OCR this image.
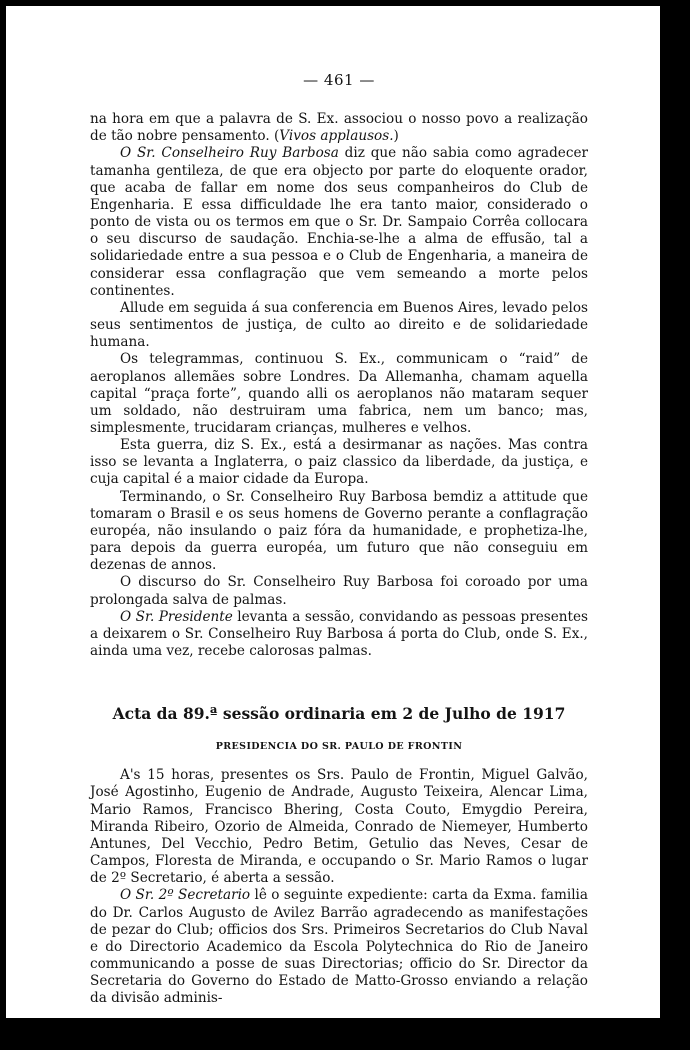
— 461 —

na hora em que a palavra de S. Ex. associou o nosso povo a realização de tão nobre pensamento. (Vivos applausos.)

O Sr. Conselheiro Ruy Barbosa diz que não sabia como agradecer tamanha gentileza, de que era objecto por parte do eloquente orador, que acaba de fallar em nome dos seus companheiros do Club de Engenharia. E essa difficuldade lhe era tanto maior, considerado o ponto de vista ou os termos em que o Sr. Dr. Sampaio Corrêa collocara o seu discurso de saudação. Enchia-se-lhe a alma de effusão, tal a solidariedade entre a sua pessoa e o Club de Engenharia, a maneira de considerar essa conflagração que vem semeando a morte pelos continentes.

Allude em seguida á sua conferencia em Buenos Aires, levado pelos seus sentimentos de justiça, de culto ao direito e de solidariedade humana.

Os telegrammas, continuou S. Ex., communicam o “raid” de aeroplanos allemães sobre Londres. Da Allemanha, chamam aquella capital “praça forte”, quando alli os aeroplanos não mataram sequer um soldado, não destruiram uma fabrica, nem um banco; mas, simplesmente, trucidaram crianças, mulheres e velhos.

Esta guerra, diz S. Ex., está a desirmanar as nações. Mas contra isso se levanta a Inglaterra, o paiz classico da liberdade, da justiça, e cuja capital é a maior cidade da Europa.

Terminando, o Sr. Conselheiro Ruy Barbosa bemdiz a attitude que tomaram o Brasil e os seus homens de Governo perante a conflagração européa, não insulando o paiz fóra da humanidade, e prophetiza-lhe, para depois da guerra européa, um futuro que não conseguiu em dezenas de annos.

O discurso do Sr. Conselheiro Ruy Barbosa foi coroado por uma prolongada salva de palmas.

O Sr. Presidente levanta a sessão, convidando as pessoas presentes a deixarem o Sr. Conselheiro Ruy Barbosa á porta do Club, onde S. Ex., ainda uma vez, recebe calorosas palmas.

Acta da 89.ª sessão ordinaria em 2 de Julho de 1917
PRESIDENCIA DO SR. PAULO DE FRONTIN

A's 15 horas, presentes os Srs. Paulo de Frontin, Miguel Galvão, José Agostinho, Eugenio de Andrade, Augusto Teixeira, Alencar Lima, Mario Ramos, Francisco Bhering, Costa Couto, Emygdio Pereira, Miranda Ribeiro, Ozorio de Almeida, Conrado de Niemeyer, Humberto Antunes, Del Vecchio, Pedro Betim, Getulio das Neves, Cesar de Campos, Floresta de Miranda, e occupando o Sr. Mario Ramos o lugar de 2º Secretario, é aberta a sessão.

O Sr. 2º Secretario lê o seguinte expediente: carta da Exma. familia do Dr. Carlos Augusto de Avilez Barrão agradecendo as manifestações de pezar do Club; officios dos Srs. Primeiros Secretarios do Club Naval e do Directorio Academico da Escola Polytechnica do Rio de Janeiro communicando a posse de suas Directorias; officio do Sr. Director da Secretaria do Governo do Estado de Matto-Grosso enviando a relação da divisão adminis-
